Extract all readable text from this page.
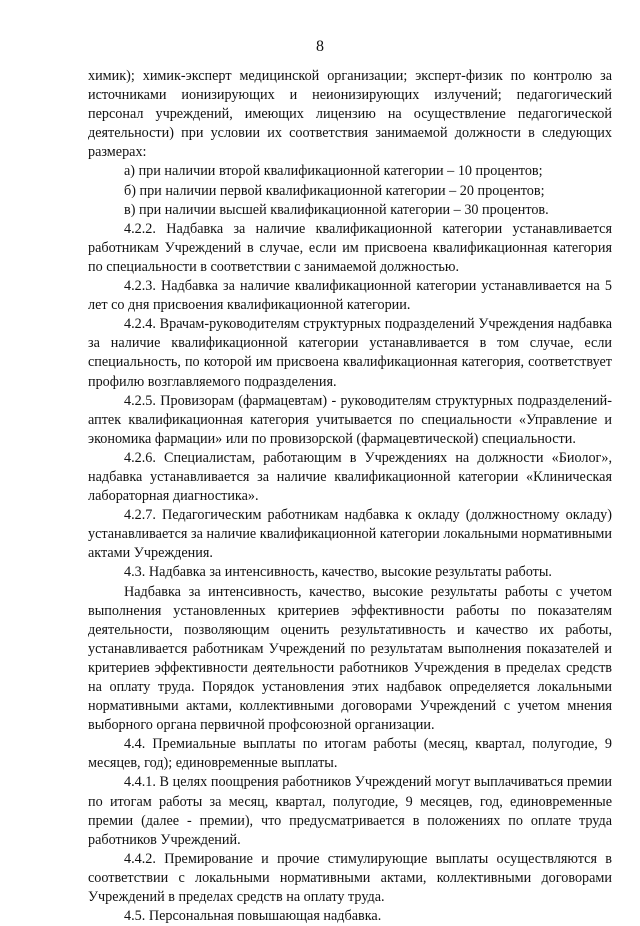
8

химик); химик-эксперт медицинской организации; эксперт-физик по контролю за источниками ионизирующих и неионизирующих излучений; педагогический персонал учреждений, имеющих лицензию на осуществление педагогической деятельности) при условии их соответствия занимаемой должности в следующих размерах:

а) при наличии второй квалификационной категории – 10 процентов;

б) при наличии первой квалификационной категории – 20 процентов;

в) при наличии высшей квалификационной категории – 30 процентов.

4.2.2. Надбавка за наличие квалификационной категории устанавливается работникам Учреждений в случае, если им присвоена квалификационная категория по специальности в соответствии с занимаемой должностью.

4.2.3. Надбавка за наличие квалификационной категории устанавливается на 5 лет со дня присвоения квалификационной категории.

4.2.4. Врачам-руководителям структурных подразделений Учреждения надбавка за наличие квалификационной категории устанавливается в том случае, если специальность, по которой им присвоена квалификационная категория, соответствует профилю возглавляемого подразделения.

4.2.5. Провизорам (фармацевтам) - руководителям структурных подразделений-аптек квалификационная категория учитывается по специальности «Управление и экономика фармации» или по провизорской (фармацевтической) специальности.

4.2.6. Специалистам, работающим в Учреждениях на должности «Биолог», надбавка устанавливается за наличие квалификационной категории «Клиническая лабораторная диагностика».

4.2.7. Педагогическим работникам надбавка к окладу (должностному окладу) устанавливается за наличие квалификационной категории локальными нормативными актами Учреждения.

4.3. Надбавка за интенсивность, качество, высокие результаты работы.

Надбавка за интенсивность, качество, высокие результаты работы с учетом выполнения установленных критериев эффективности работы по показателям деятельности, позволяющим оценить результативность и качество их работы, устанавливается работникам Учреждений по результатам выполнения показателей и критериев эффективности деятельности работников Учреждения в пределах средств на оплату труда. Порядок установления этих надбавок определяется локальными нормативными актами, коллективными договорами Учреждений с учетом мнения выборного органа первичной профсоюзной организации.

4.4. Премиальные выплаты по итогам работы (месяц, квартал, полугодие, 9 месяцев, год); единовременные выплаты.

4.4.1. В целях поощрения работников Учреждений могут выплачиваться премии по итогам работы за месяц, квартал, полугодие, 9 месяцев, год, единовременные премии (далее - премии), что предусматривается в положениях по оплате труда работников Учреждений.

4.4.2. Премирование и прочие стимулирующие выплаты осуществляются в соответствии с локальными нормативными актами, коллективными договорами Учреждений в пределах средств на оплату труда.

4.5. Персональная повышающая надбавка.
